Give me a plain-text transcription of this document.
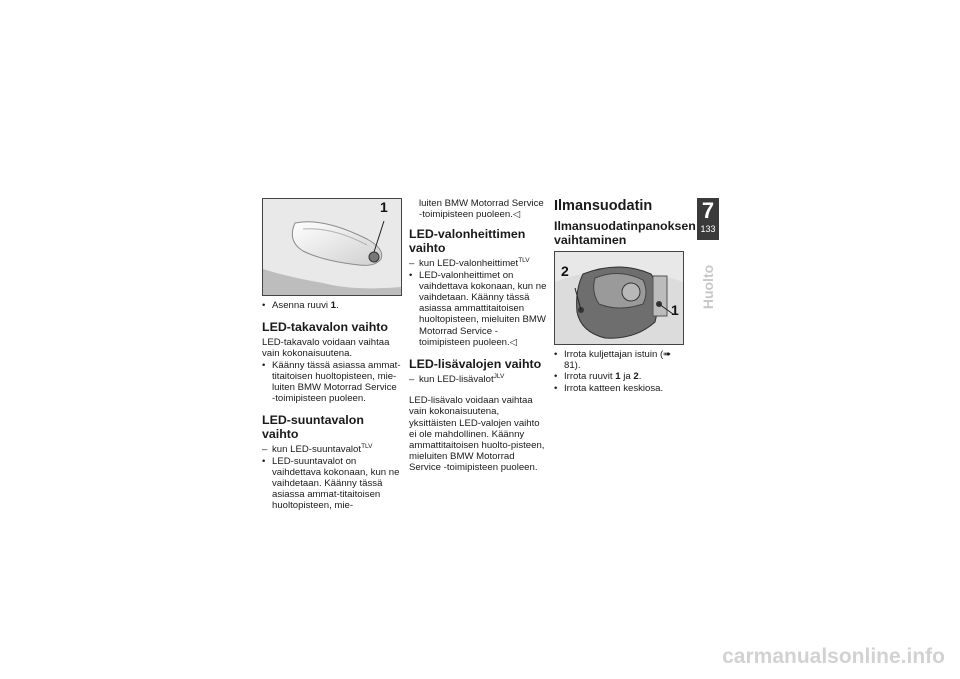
1
• Asenna ruuvi 1.
LED-takavalon vaihto

LED-takavalo voidaan vaihtaa vain kokonaisuutena.

• Käänny tässä asiassa ammat-titaitoisen huoltopisteen, mie-luiten BMW Motorrad Service -toimipisteen puoleen.
LED-suuntavalon vaihto
– kun LED-suuntavalot$^{TLV}$
• LED-suuntavalot on vaihdettava kokonaan, kun ne vaihdetaan. Käänny tässä asiassa ammat-titaitoisen huoltopisteen, mie-

luiten BMW Motorrad Service -toimipisteen puoleen.◁

LED-valonheittimen vaihto
– kun LED-valonheittimet$^{TLV}$
• LED-valonheittimet on vaihdettava kokonaan, kun ne vaihdetaan. Käänny tässä asiassa ammattitaitoisen huoltopisteen, mieluiten BMW Motorrad Service -toimipisteen puoleen.◁
LED-lisävalojen vaihto
– kun LED-lisävalot$^{JLV}$

LED-lisävalo voidaan vaihtaa vain kokonaisuutena, yksittäisten LED-valojen vaihto ei ole mahdollinen. Käänny ammattitaitoisen huolto-pisteen, mieluiten BMW Motorrad Service -toimipisteen puoleen.

Ilmansuodatin
Ilmansuodatinpanoksen vaihtaminen
2
1
• Irrota kuljettajan istuin (➠ 81).
• Irrota ruuvit 1 ja 2.
• Irrota katteen keskiosa.
7
133
Huolto
carmanualsonline.info
